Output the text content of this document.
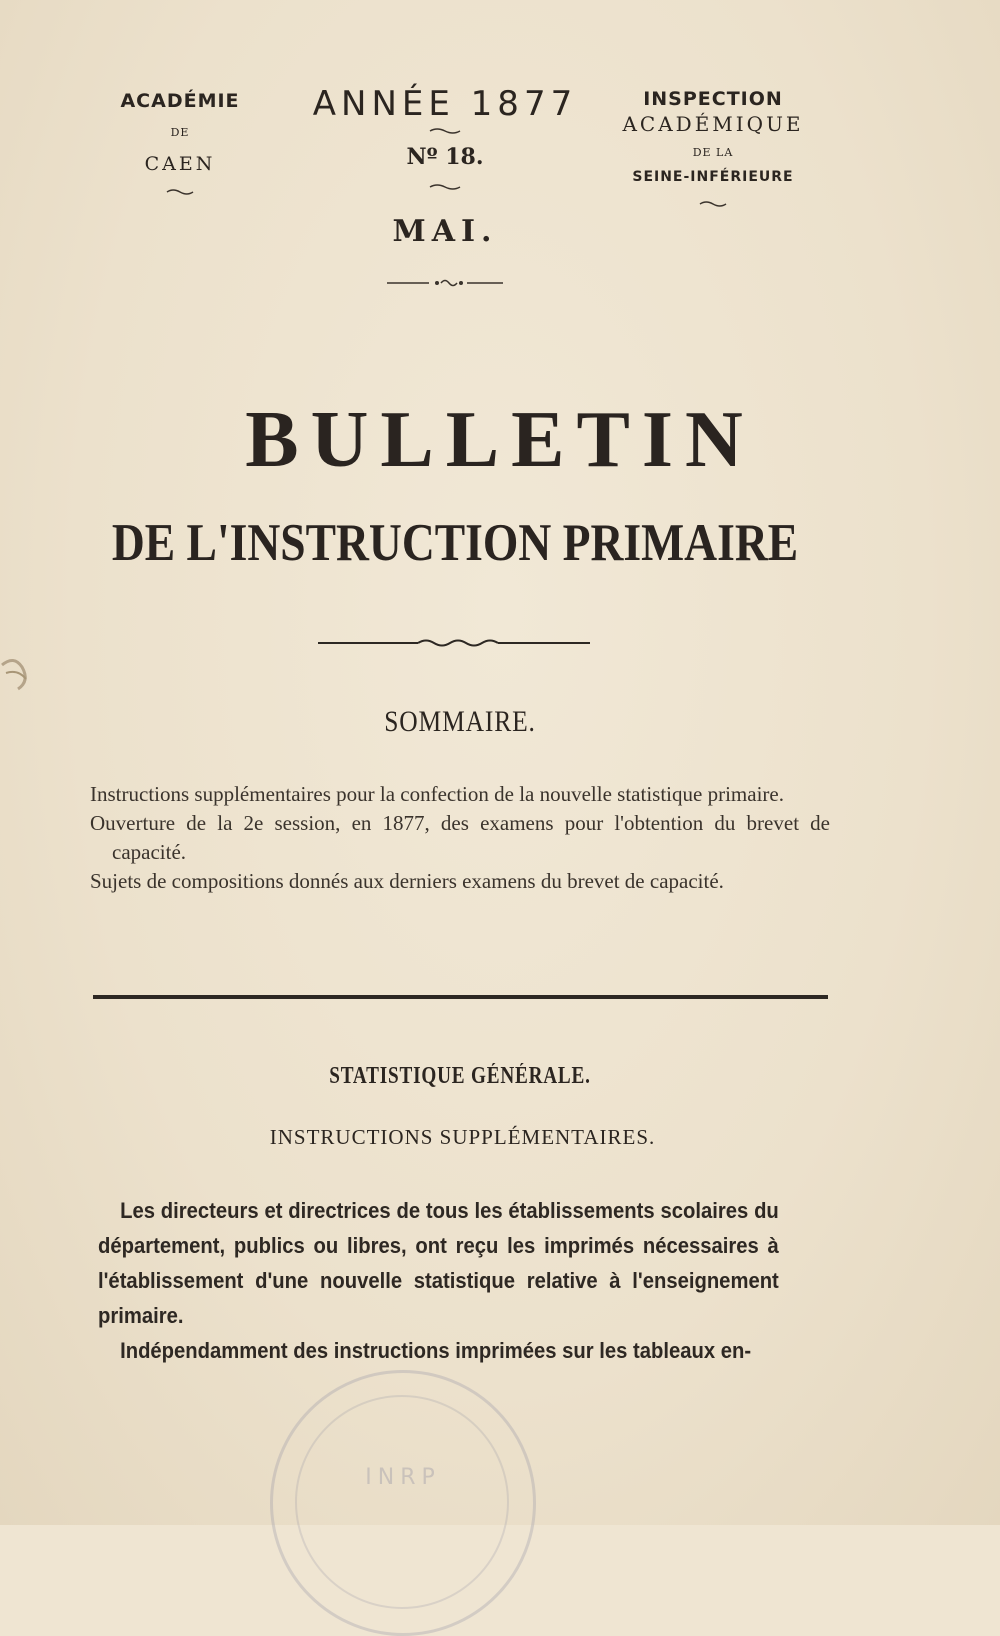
ACADÉMIE
DE
CAEN
ANNÉE 1877
Nº 18.
MAI.
INSPECTION
ACADÉMIQUE
DE LA
SEINE-INFÉRIEURE
BULLETIN
DE L'INSTRUCTION PRIMAIRE
SOMMAIRE.

Instructions supplémentaires pour la confection de la nouvelle statistique primaire.

Ouverture de la 2e session, en 1877, des examens pour l'obtention du brevet de capacité.

Sujets de compositions donnés aux derniers examens du brevet de capacité.

STATISTIQUE GÉNÉRALE.
INSTRUCTIONS SUPPLÉMENTAIRES.

Les directeurs et directrices de tous les établissements scolaires du département, publics ou libres, ont reçu les imprimés nécessaires à l'établissement d'une nouvelle statistique relative à l'enseignement primaire.

Indépendamment des instructions imprimées sur les tableaux en-

INRP
